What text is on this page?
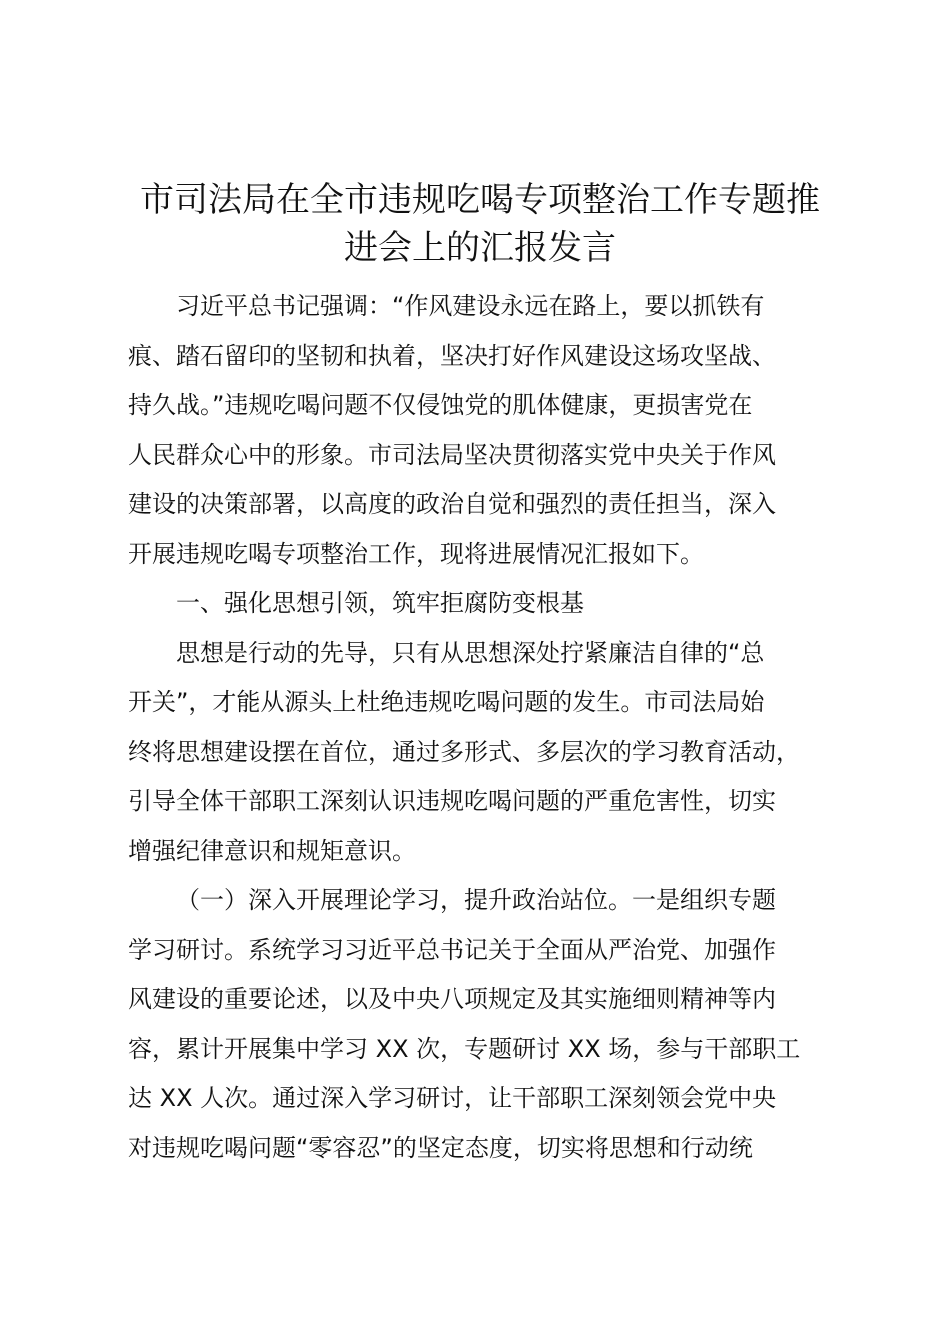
市司法局在全市违规吃喝专项整治工作专题推
进会上的汇报发言
习近平总书记强调：“作风建设永远在路上，要以抓铁有
痕、踏石留印的坚韧和执着，坚决打好作风建设这场攻坚战、
持久战。”违规吃喝问题不仅侵蚀党的肌体健康，更损害党在
人民群众心中的形象。市司法局坚决贯彻落实党中央关于作风
建设的决策部署，以高度的政治自觉和强烈的责任担当，深入
开展违规吃喝专项整治工作，现将进展情况汇报如下。
一、强化思想引领，筑牢拒腐防变根基
思想是行动的先导，只有从思想深处拧紧廉洁自律的“总
开关”，才能从源头上杜绝违规吃喝问题的发生。市司法局始
终将思想建设摆在首位，通过多形式、多层次的学习教育活动，
引导全体干部职工深刻认识违规吃喝问题的严重危害性，切实
增强纪律意识和规矩意识。
（一）深入开展理论学习，提升政治站位。一是组织专题
学习研讨。系统学习习近平总书记关于全面从严治党、加强作
风建设的重要论述，以及中央八项规定及其实施细则精神等内
容，累计开展集中学习 XX 次，专题研讨 XX 场，参与干部职工
达 XX 人次。通过深入学习研讨，让干部职工深刻领会党中央
对违规吃喝问题“零容忍”的坚定态度，切实将思想和行动统
